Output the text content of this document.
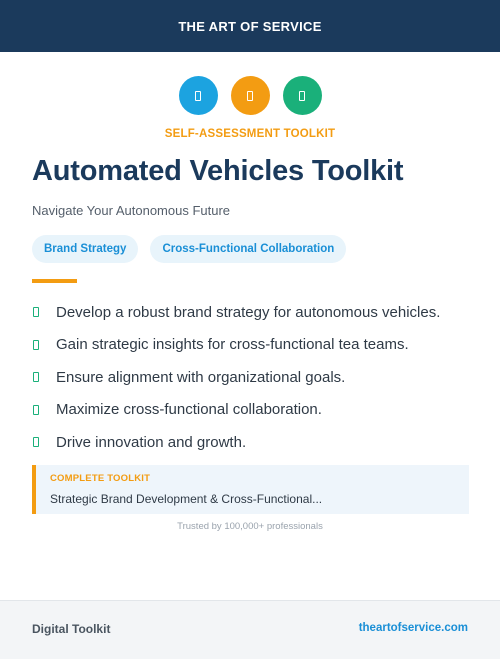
THE ART OF SERVICE
SELF-ASSESSMENT TOOLKIT
Automated Vehicles Toolkit
Navigate Your Autonomous Future
Brand Strategy	Cross-Functional Collaboration
Develop a robust brand strategy for autonomous vehicles.
Gain strategic insights for cross-functional tea teams.
Ensure alignment with organizational goals.
Maximize cross-functional collaboration.
Drive innovation and growth.
COMPLETE TOOLKIT
Strategic Brand Development & Cross-Functional...
Trusted by 100,000+ professionals
Digital Toolkit	theartofservice.com
